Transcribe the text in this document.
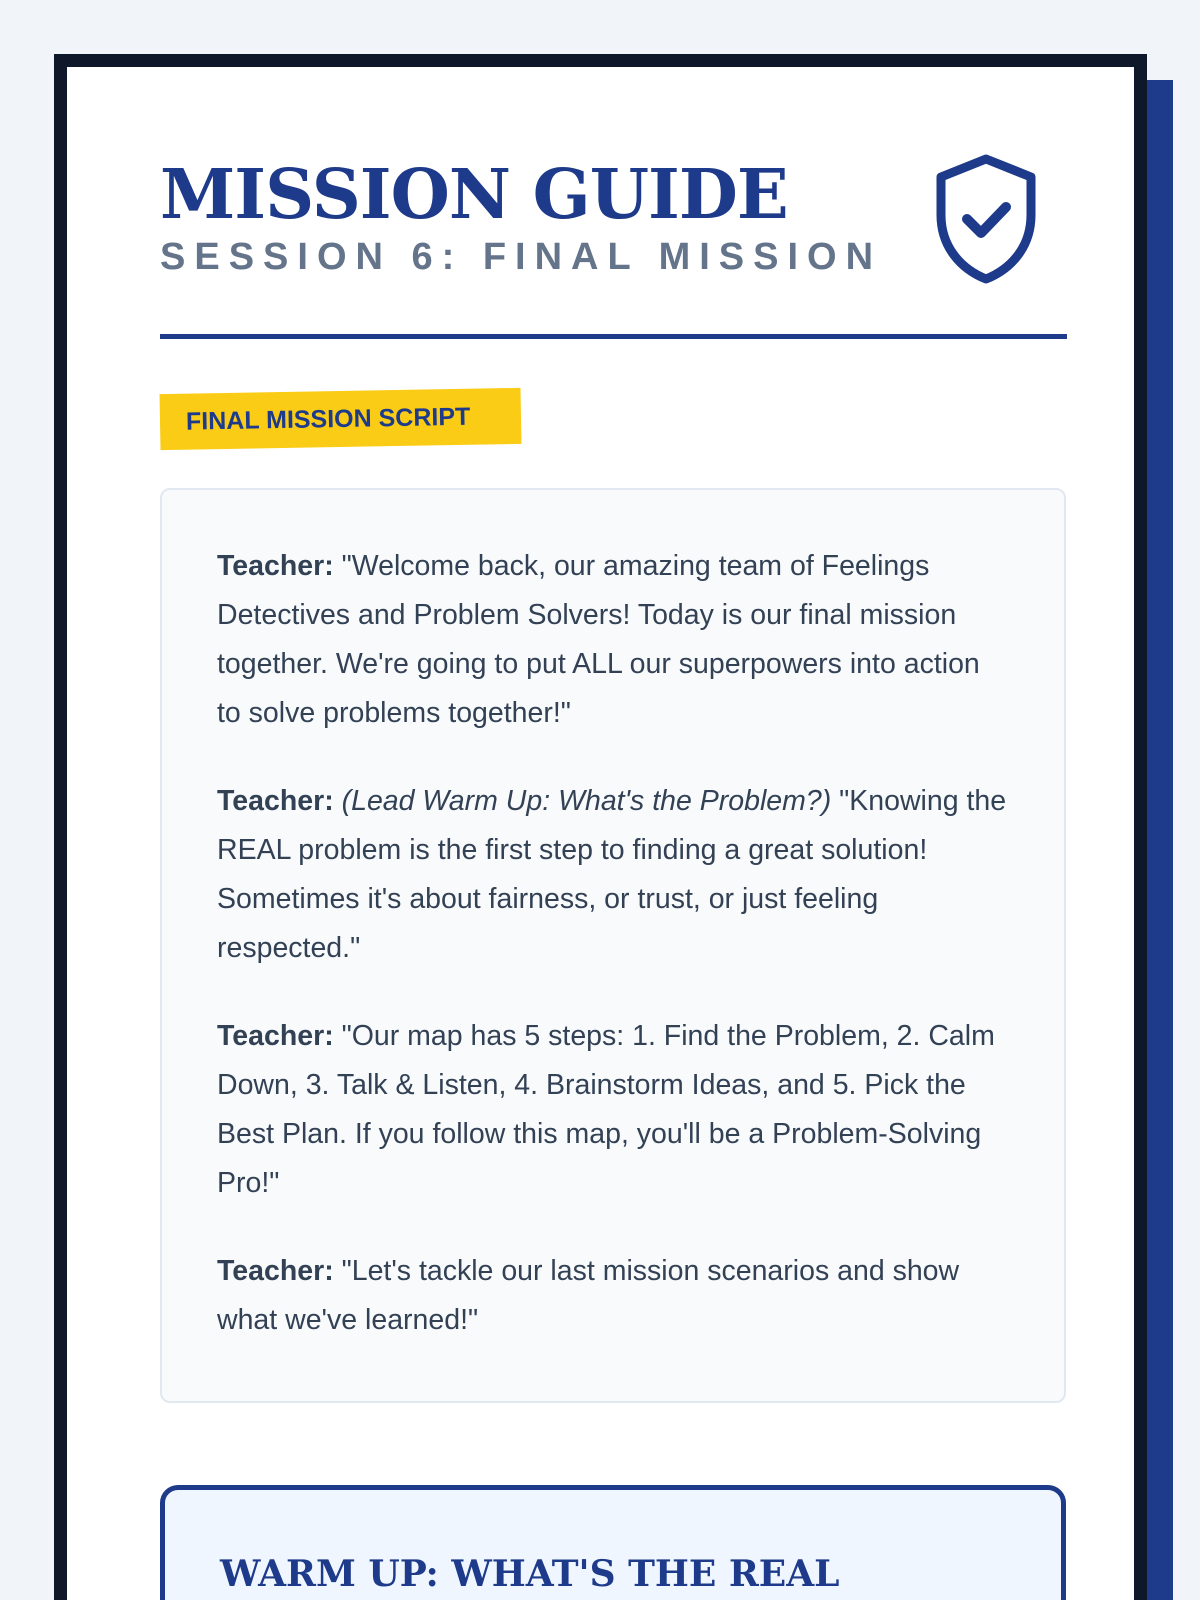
MISSION GUIDE
SESSION 6: FINAL MISSION
FINAL MISSION SCRIPT

Teacher: "Welcome back, our amazing team of Feelings Detectives and Problem Solvers! Today is our final mission together. We're going to put ALL our superpowers into action to solve problems together!"

Teacher: (Lead Warm Up: What's the Problem?) "Knowing the REAL problem is the first step to finding a great solution! Sometimes it's about fairness, or trust, or just feeling respected."

Teacher: "Our map has 5 steps: 1. Find the Problem, 2. Calm Down, 3. Talk & Listen, 4. Brainstorm Ideas, and 5. Pick the Best Plan. If you follow this map, you'll be a Problem-Solving Pro!"

Teacher: "Let's tackle our last mission scenarios and show what we've learned!"

WARM UP: WHAT'S THE REAL
